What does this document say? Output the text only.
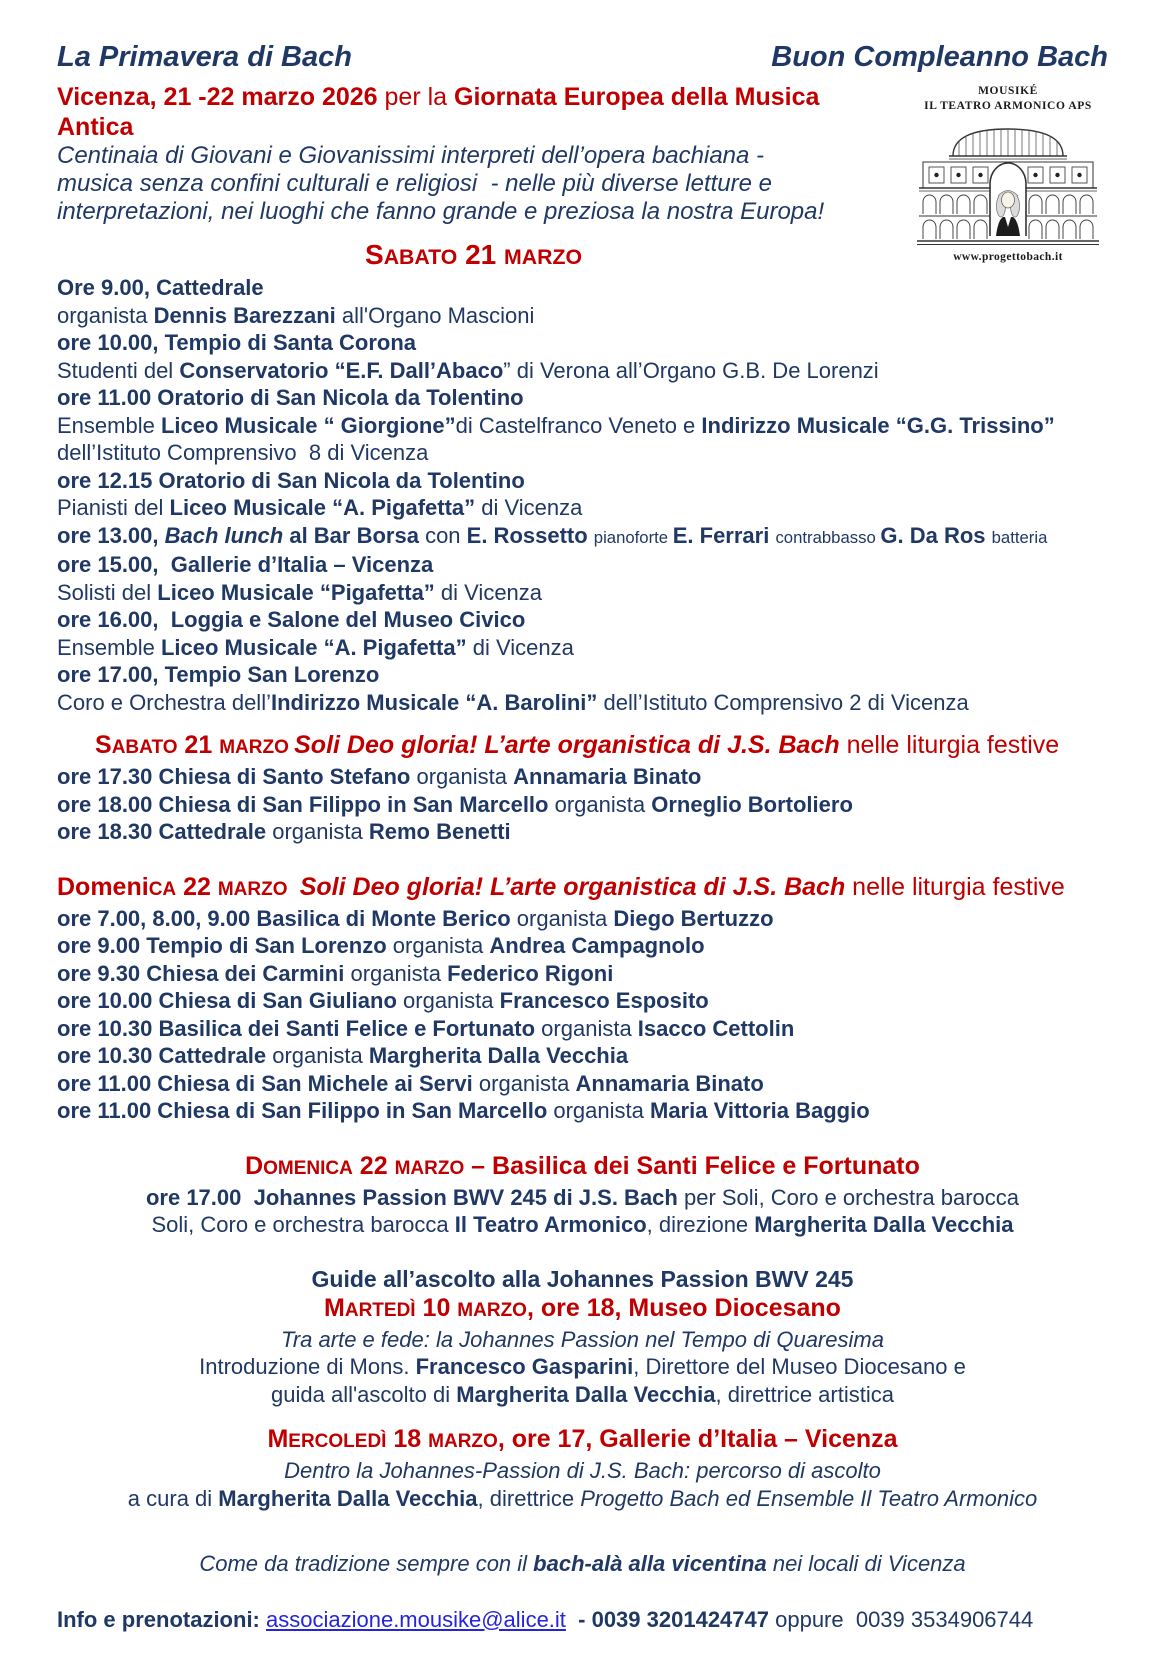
La Primavera di Bach	Buon Compleanno Bach
MOUSIKÉ
IL TEATRO ARMONICO APS
www.progettobach.it

Vicenza, 21 -22 marzo 2026 per la Giornata Europea della Musica Antica

Centinaia di Giovani e Giovanissimi interpreti dell’opera bachiana -

musica senza confini culturali e religiosi  - nelle più diverse letture e

interpretazioni, nei luoghi che fanno grande e preziosa la nostra Europa!

SABATO 21 MARZO

Ore 9.00, Cattedrale

organista Dennis Barezzani all'Organo Mascioni

ore 10.00, Tempio di Santa Corona

Studenti del Conservatorio “E.F. Dall’Abaco” di Verona all’Organo G.B. De Lorenzi

ore 11.00 Oratorio di San Nicola da Tolentino

Ensemble Liceo Musicale “ Giorgione”di Castelfranco Veneto e Indirizzo Musicale “G.G. Trissino”

dell’Istituto Comprensivo  8 di Vicenza

ore 12.15 Oratorio di San Nicola da Tolentino

Pianisti del Liceo Musicale “A. Pigafetta” di Vicenza

ore 13.00, Bach lunch al Bar Borsa con E. Rossetto pianoforte E. Ferrari contrabbasso G. Da Ros batteria

ore 15.00,  Gallerie d’Italia – Vicenza

Solisti del Liceo Musicale “Pigafetta” di Vicenza

ore 16.00,  Loggia e Salone del Museo Civico

Ensemble Liceo Musicale “A. Pigafetta” di Vicenza

ore 17.00, Tempio San Lorenzo

Coro e Orchestra dell’Indirizzo Musicale “A. Barolini” dell’Istituto Comprensivo 2 di Vicenza

SABATO 21 MARZO Soli Deo gloria! L’arte organistica di J.S. Bach nelle liturgia festive

ore 17.30 Chiesa di Santo Stefano organista Annamaria Binato

ore 18.00 Chiesa di San Filippo in San Marcello organista Orneglio Bortoliero

ore 18.30 Cattedrale organista Remo Benetti

DomeniCA 22 MARZO  Soli Deo gloria! L’arte organistica di J.S. Bach nelle liturgia festive

ore 7.00, 8.00, 9.00 Basilica di Monte Berico organista Diego Bertuzzo

ore 9.00 Tempio di San Lorenzo organista Andrea Campagnolo

ore 9.30 Chiesa dei Carmini organista Federico Rigoni

ore 10.00 Chiesa di San Giuliano organista Francesco Esposito

ore 10.30 Basilica dei Santi Felice e Fortunato organista Isacco Cettolin

ore 10.30 Cattedrale organista Margherita Dalla Vecchia

ore 11.00 Chiesa di San Michele ai Servi organista Annamaria Binato

ore 11.00 Chiesa di San Filippo in San Marcello organista Maria Vittoria Baggio

DOMENICA 22 MARZO – Basilica dei Santi Felice e Fortunato

ore 17.00  Johannes Passion BWV 245 di J.S. Bach per Soli, Coro e orchestra barocca

Soli, Coro e orchestra barocca Il Teatro Armonico, direzione Margherita Dalla Vecchia

Guide all’ascolto alla Johannes Passion BWV 245

MARTEDÌ 10 MARZO, ore 18, Museo Diocesano

Tra arte e fede: la Johannes Passion nel Tempo di Quaresima

Introduzione di Mons. Francesco Gasparini, Direttore del Museo Diocesano e

guida all'ascolto di Margherita Dalla Vecchia, direttrice artistica

MERCOLEDÌ 18 MARZO, ore 17, Gallerie d’Italia – Vicenza

Dentro la Johannes-Passion di J.S. Bach: percorso di ascolto

a cura di Margherita Dalla Vecchia, direttrice Progetto Bach ed Ensemble Il Teatro Armonico

Come da tradizione sempre con il bach-alà alla vicentina nei locali di Vicenza

Info e prenotazioni: associazione.mousike@alice.it  - 0039 3201424747 oppure  0039 3534906744
